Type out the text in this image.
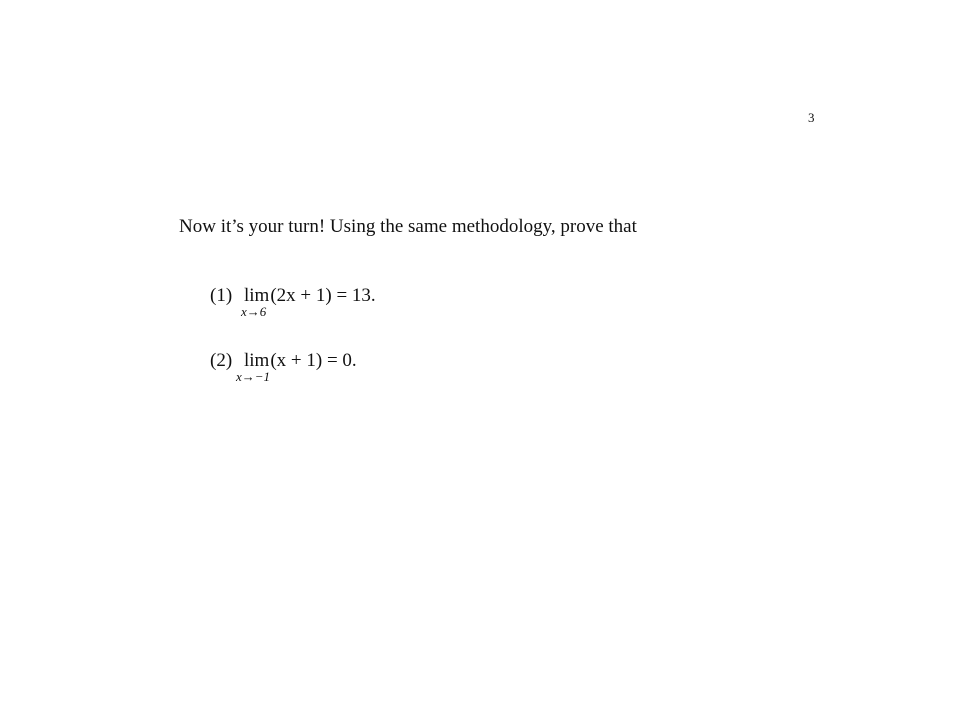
3
Now it’s your turn! Using the same methodology, prove that
(1) lim
x→6
(2x + 1) = 13.
(2) lim
x→−1
(x + 1) = 0.
